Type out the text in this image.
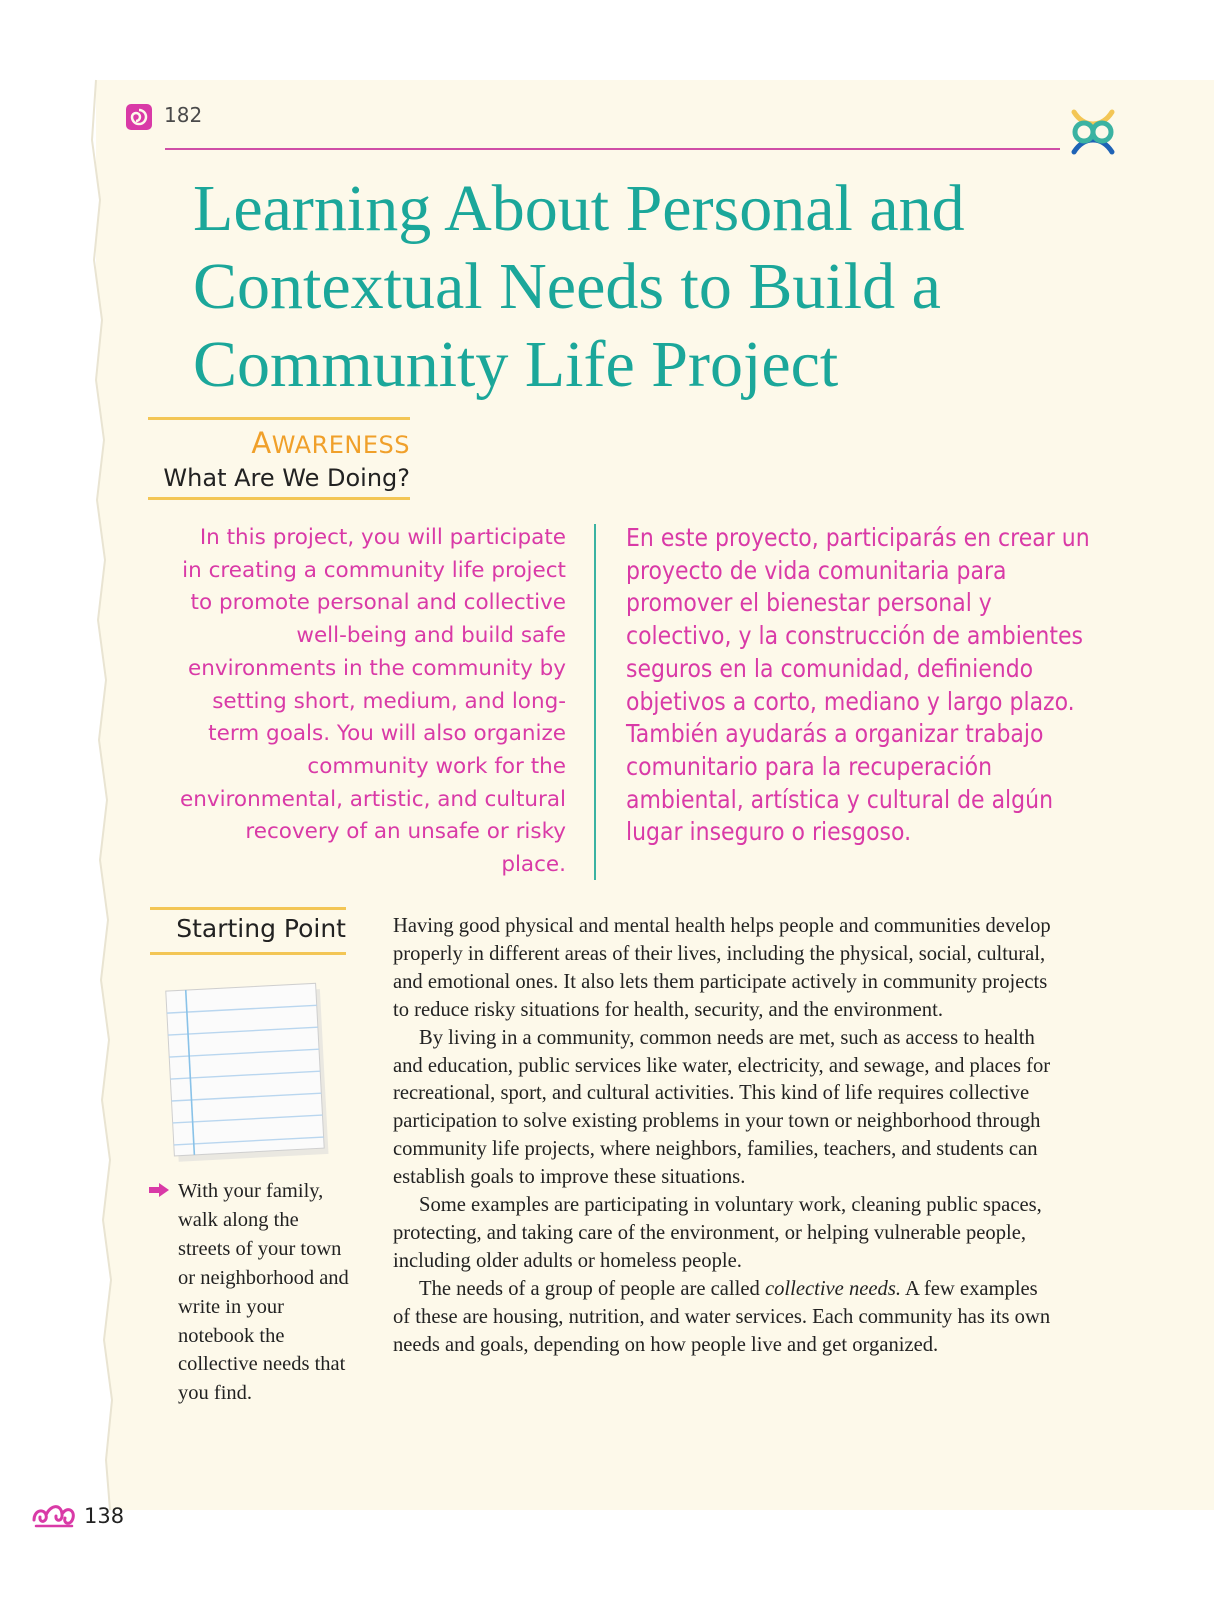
182
Learning About Personal and
Contextual Needs to Build a
Community Life Project
AWARENESS
What Are We Doing?
In this project, you will participate in creating a community life project to promote personal and collective well-being and build safe environments in the community by setting short, medium, and long-term goals. You will also organize community work for the environmental, artistic, and cultural recovery of an unsafe or risky place.
En este proyecto, participarás en crear un proyecto de vida comunitaria para promover el bienestar personal y colectivo, y la construcción de ambientes seguros en la comunidad, definiendo objetivos a corto, mediano y largo plazo. También ayudarás a organizar trabajo comunitario para la recuperación ambiental, artística y cultural de algún lugar inseguro o riesgoso.
Starting Point
With your family, walk along the streets of your town or neighborhood and write in your notebook the collective needs that you find.

Having good physical and mental health helps people and communities develop properly in different areas of their lives, including the physical, social, cultural, and emotional ones. It also lets them participate actively in community projects to reduce risky situations for health, security, and the environment.

By living in a community, common needs are met, such as access to health and education, public services like water, electricity, and sewage, and places for recreational, sport, and cultural activities. This kind of life requires collective participation to solve existing problems in your town or neighborhood through community life projects, where neighbors, families, teachers, and students can establish goals to improve these situations.

Some examples are participating in voluntary work, cleaning public spaces, protecting, and taking care of the environment, or helping vulnerable people, including older adults or homeless people.

The needs of a group of people are called collective needs. A few examples of these are housing, nutrition, and water services. Each community has its own needs and goals, depending on how people live and get organized.

138
